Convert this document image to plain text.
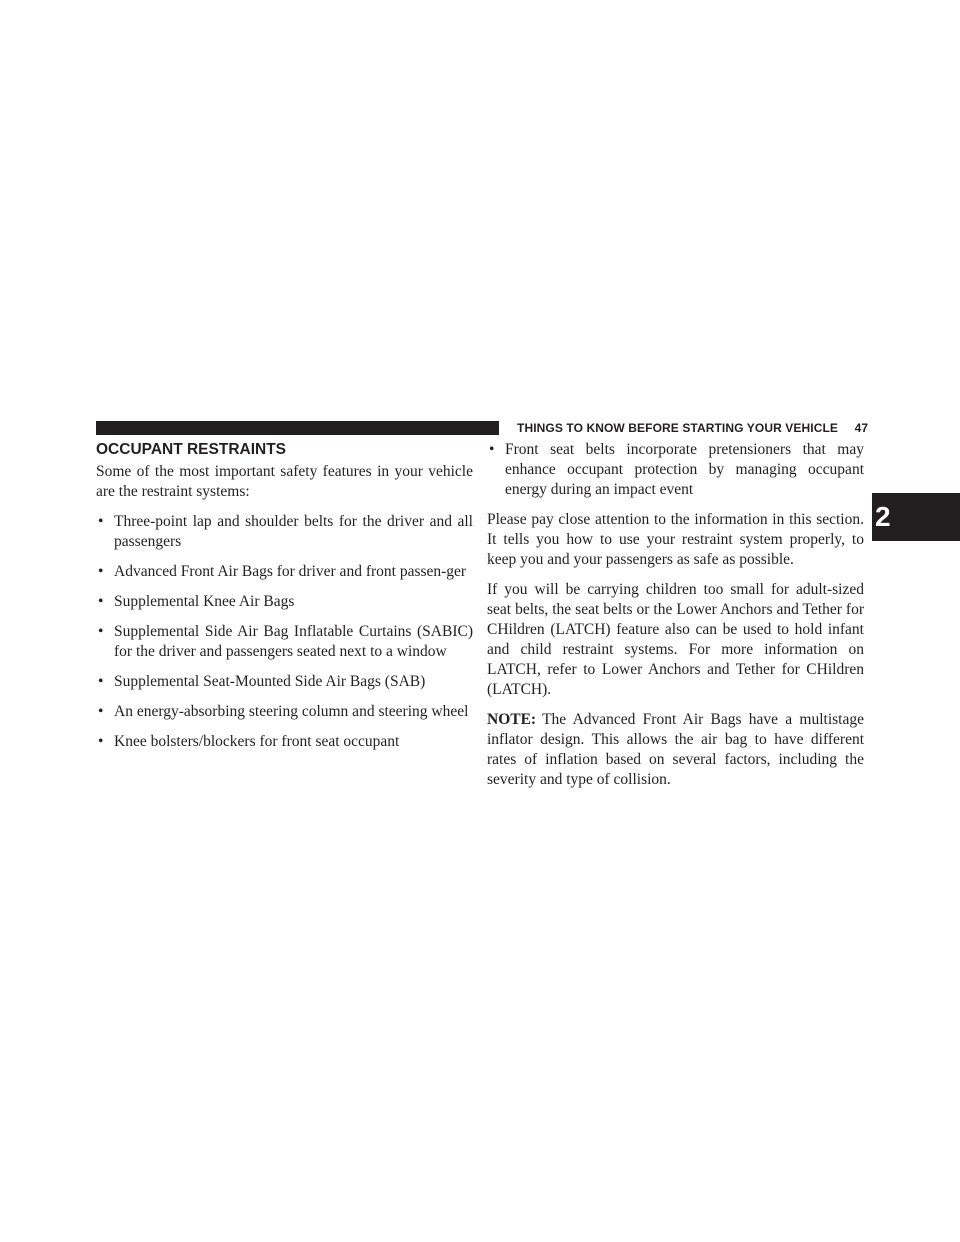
THINGS TO KNOW BEFORE STARTING YOUR VEHICLE	47
2
OCCUPANT RESTRAINTS
Some of the most important safety features in your vehicle are the restraint systems:
• Three-point lap and shoulder belts for the driver and all passengers
• Advanced Front Air Bags for driver and front passen-ger
• Supplemental Knee Air Bags
• Supplemental Side Air Bag Inflatable Curtains (SABIC) for the driver and passengers seated next to a window
• Supplemental Seat-Mounted Side Air Bags (SAB)
• An energy-absorbing steering column and steering wheel
• Knee bolsters/blockers for front seat occupant
• Front seat belts incorporate pretensioners that may enhance occupant protection by managing occupant energy during an impact event
Please pay close attention to the information in this section. It tells you how to use your restraint system properly, to keep you and your passengers as safe as possible.
If you will be carrying children too small for adult-sized seat belts, the seat belts or the Lower Anchors and Tether for CHildren (LATCH) feature also can be used to hold infant and child restraint systems. For more information on LATCH, refer to Lower Anchors and Tether for CHildren (LATCH).
NOTE: The Advanced Front Air Bags have a multistage inflator design. This allows the air bag to have different rates of inflation based on several factors, including the severity and type of collision.
